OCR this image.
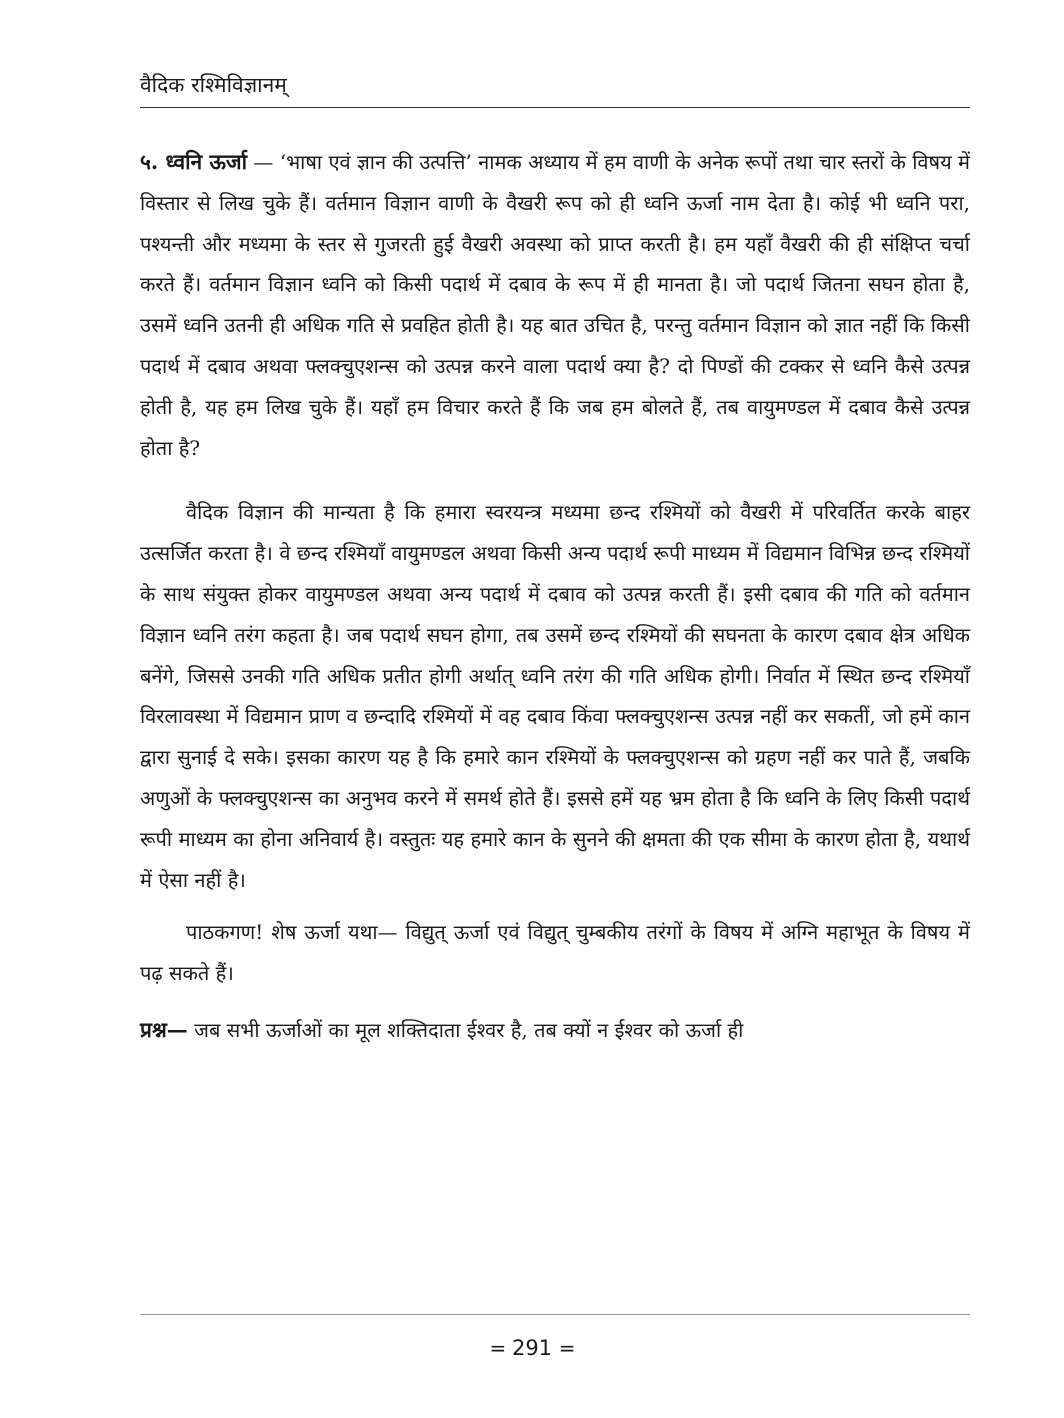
वैदिक रश्मिविज्ञानम्

५. ध्वनि ऊर्जा — ‘भाषा एवं ज्ञान की उत्पत्ति’ नामक अध्याय में हम वाणी के अनेक रूपों तथा चार स्तरों के विषय में विस्तार से लिख चुके हैं। वर्तमान विज्ञान वाणी के वैखरी रूप को ही ध्वनि ऊर्जा नाम देता है। कोई भी ध्वनि परा, पश्यन्ती और मध्यमा के स्तर से गुजरती हुई वैखरी अवस्था को प्राप्त करती है। हम यहाँ वैखरी की ही संक्षिप्त चर्चा करते हैं। वर्तमान विज्ञान ध्वनि को किसी पदार्थ में दबाव के रूप में ही मानता है। जो पदार्थ जितना सघन होता है, उसमें ध्वनि उतनी ही अधिक गति से प्रवहित होती है। यह बात उचित है, परन्तु वर्तमान विज्ञान को ज्ञात नहीं कि किसी पदार्थ में दबाव अथवा फ्लक्चुएशन्स को उत्पन्न करने वाला पदार्थ क्या है? दो पिण्डों की टक्कर से ध्वनि कैसे उत्पन्न होती है, यह हम लिख चुके हैं। यहाँ हम विचार करते हैं कि जब हम बोलते हैं, तब वायुमण्डल में दबाव कैसे उत्पन्न होता है?

वैदिक विज्ञान की मान्यता है कि हमारा स्वरयन्त्र मध्यमा छन्द रश्मियों को वैखरी में परिवर्तित करके बाहर उत्सर्जित करता है। वे छन्द रश्मियाँ वायुमण्डल अथवा किसी अन्य पदार्थ रूपी माध्यम में विद्यमान विभिन्न छन्द रश्मियों के साथ संयुक्त होकर वायुमण्डल अथवा अन्य पदार्थ में दबाव को उत्पन्न करती हैं। इसी दबाव की गति को वर्तमान विज्ञान ध्वनि तरंग कहता है। जब पदार्थ सघन होगा, तब उसमें छन्द रश्मियों की सघनता के कारण दबाव क्षेत्र अधिक बनेंगे, जिससे उनकी गति अधिक प्रतीत होगी अर्थात् ध्वनि तरंग की गति अधिक होगी। निर्वात में स्थित छन्द रश्मियाँ विरलावस्था में विद्यमान प्राण व छन्दादि रश्मियों में वह दबाव किंवा फ्लक्चुएशन्स उत्पन्न नहीं कर सकतीं, जो हमें कान द्वारा सुनाई दे सके। इसका कारण यह है कि हमारे कान रश्मियों के फ्लक्चुएशन्स को ग्रहण नहीं कर पाते हैं, जबकि अणुओं के फ्लक्चुएशन्स का अनुभव करने में समर्थ होते हैं। इससे हमें यह भ्रम होता है कि ध्वनि के लिए किसी पदार्थ रूपी माध्यम का होना अनिवार्य है। वस्तुतः यह हमारे कान के सुनने की क्षमता की एक सीमा के कारण होता है, यथार्थ में ऐसा नहीं है।

पाठकगण! शेष ऊर्जा यथा— विद्युत् ऊर्जा एवं विद्युत् चुम्बकीय तरंगों के विषय में अग्नि महाभूत के विषय में पढ़ सकते हैं।

प्रश्न— जब सभी ऊर्जाओं का मूल शक्तिदाता ईश्वर है, तब क्यों न ईश्वर को ऊर्जा ही

= 291 =
